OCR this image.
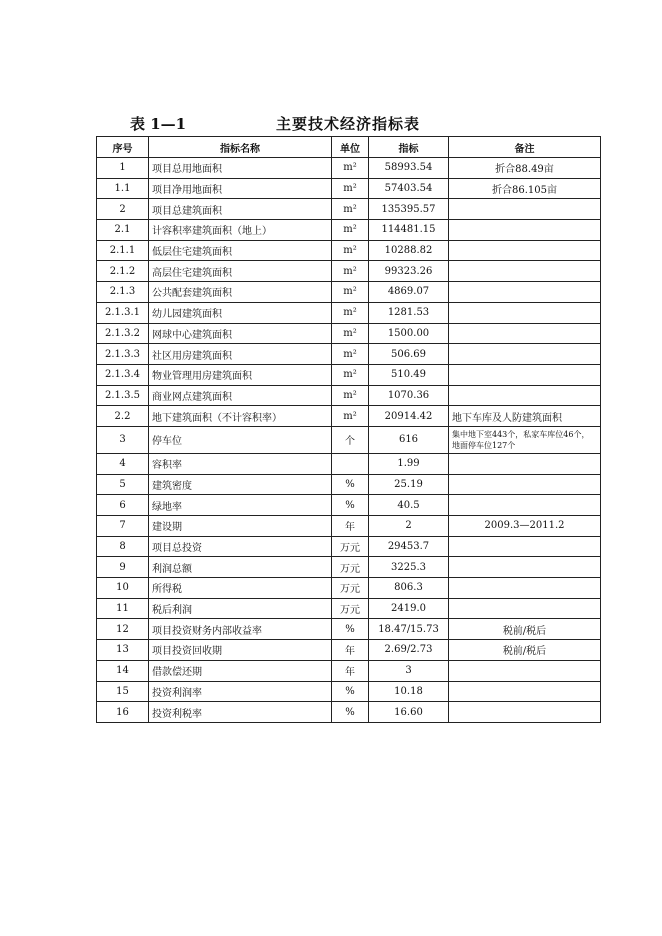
表 1—1	主要技术经济指标表
序号	指标名称	单位	指标	备注
1	项目总用地面积	m²	58993.54	折合88.49亩
1.1	项目净用地面积	m²	57403.54	折合86.105亩
2	项目总建筑面积	m²	135395.57	
2.1	计容积率建筑面积（地上）	m²	114481.15	
2.1.1	低层住宅建筑面积	m²	10288.82	
2.1.2	高层住宅建筑面积	m²	99323.26	
2.1.3	公共配套建筑面积	m²	4869.07	
2.1.3.1	幼儿园建筑面积	m²	1281.53	
2.1.3.2	网球中心建筑面积	m²	1500.00	
2.1.3.3	社区用房建筑面积	m²	506.69	
2.1.3.4	物业管理用房建筑面积	m²	510.49	
2.1.3.5	商业网点建筑面积	m²	1070.36	
2.2	地下建筑面积（不计容积率）	m²	20914.42	地下车库及人防建筑面积
3	停车位	个	616	集中地下室443个，私家车库位46个，地面停车位127个
4	容积率		1.99	
5	建筑密度	%	25.19	
6	绿地率	%	40.5	
7	建设期	年	2	2009.3—2011.2
8	项目总投资	万元	29453.7	
9	利润总额	万元	3225.3	
10	所得税	万元	806.3	
11	税后利润	万元	2419.0	
12	项目投资财务内部收益率	%	18.47/15.73	税前/税后
13	项目投资回收期	年	2.69/2.73	税前/税后
14	借款偿还期	年	3	
15	投资利润率	%	10.18	
16	投资利税率	%	16.60	
